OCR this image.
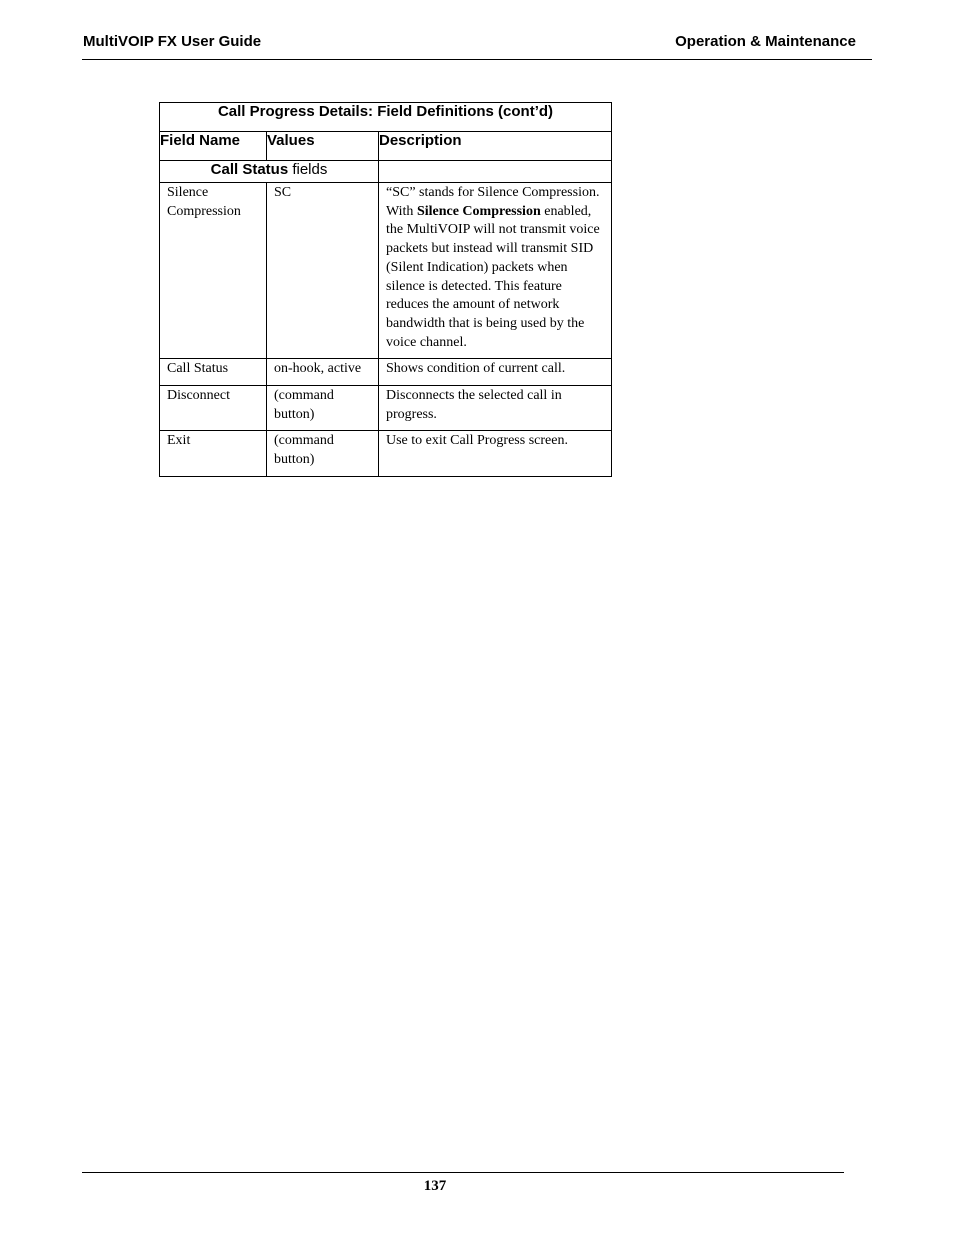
MultiVOIP FX User Guide	Operation & Maintenance
Call Progress Details: Field Definitions (cont’d)		
Field Name	Values	Description
Call Status fields		

Silence Compression	SC	“SC” stands for Silence Compression. With Silence Compression enabled, the MultiVOIP will not transmit voice packets but instead will transmit SID (Silent Indication) packets when silence is detected. This feature reduces the amount of network bandwidth that is being used by the voice channel.

Call Status	on-hook, active	Shows condition of current call.

Disconnect	(command button)	Disconnects the selected call in progress.

Exit	(command button)	Use to exit Call Progress screen.
137
